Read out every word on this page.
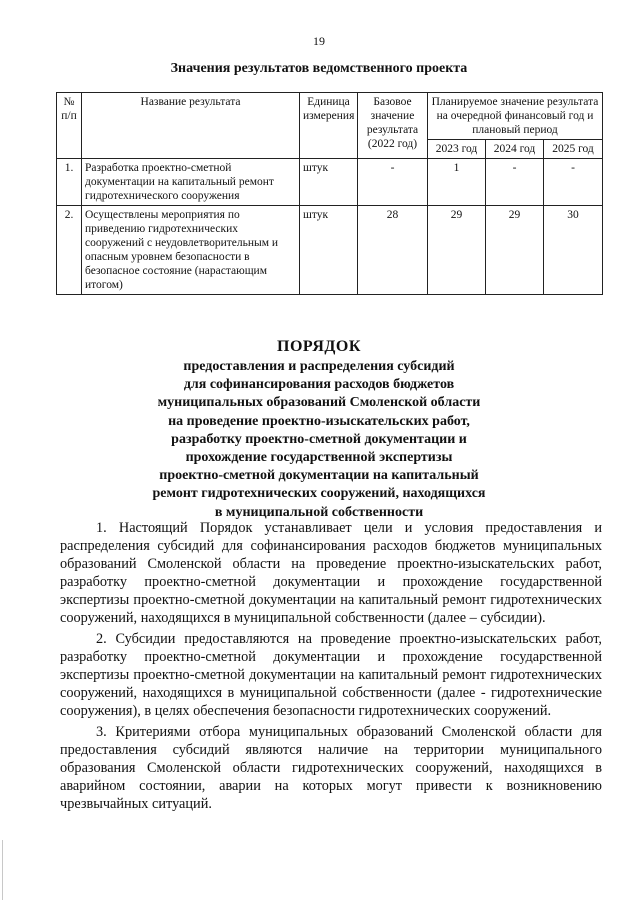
19
Значения результатов ведомственного проекта
№ п/п	Название результата	Единица измерения	Базовое значение результата (2022 год)	Планируемое значение результата на очередной финансовый год и плановый период		
				2023 год	2024 год	2025 год
1.	Разработка проектно-сметной документации на капитальный ремонт гидротехнического сооружения	штук	-	1	-	-
2.	Осуществлены мероприятия по приведению гидротехнических сооружений с неудовлетворительным и опасным уровнем безопасности в безопасное состояние (нарастающим итогом)	штук	28	29	29	30
ПОРЯДОК
предоставления и распределения субсидий
для софинансирования расходов бюджетов
муниципальных образований Смоленской области
на проведение проектно-изыскательских работ,
разработку проектно-сметной документации и
прохождение государственной экспертизы
проектно-сметной документации на капитальный
ремонт гидротехнических сооружений, находящихся
в муниципальной собственности

1. Настоящий Порядок устанавливает цели и условия предоставления и распределения субсидий для софинансирования расходов бюджетов муниципальных образований Смоленской области на проведение проектно-изыскательских работ, разработку проектно-сметной документации и прохождение государственной экспертизы проектно-сметной документации на капитальный ремонт гидротехнических сооружений, находящихся в муниципальной собственности (далее – субсидии).

2. Субсидии предоставляются на проведение проектно-изыскательских работ, разработку проектно-сметной документации и прохождение государственной экспертизы проектно-сметной документации на капитальный ремонт гидротехнических сооружений, находящихся в муниципальной собственности (далее - гидротехнические сооружения), в целях обеспечения безопасности гидротехнических сооружений.

3. Критериями отбора муниципальных образований Смоленской области для предоставления субсидий являются наличие на территории муниципального образования Смоленской области гидротехнических сооружений, находящихся в аварийном состоянии, аварии на которых могут привести к возникновению чрезвычайных ситуаций.
